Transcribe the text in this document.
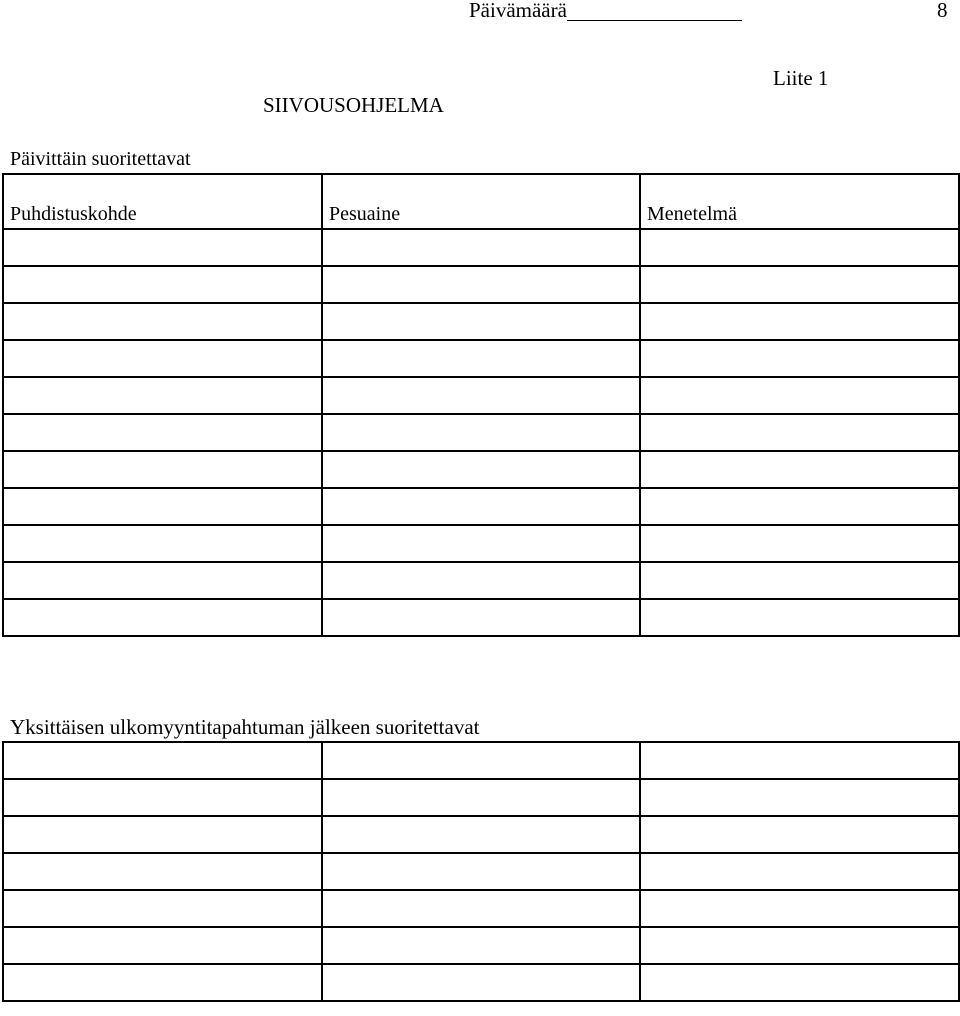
Päivämäärä	8
Liite 1
SIIVOUSOHJELMA
Päivittäin suoritettavat
Puhdistuskohde	Pesuaine	Menetelmä

Yksittäisen ulkomyyntitapahtuman jälkeen suoritettavat
